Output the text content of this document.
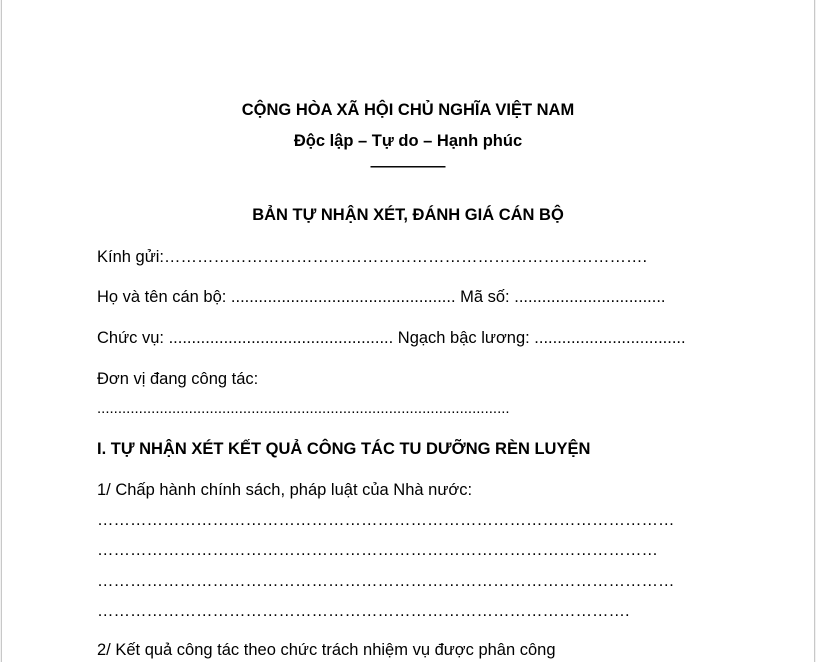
CỘNG HÒA XÃ HỘI CHỦ NGHĨA VIỆT NAM
Độc lập – Tự do – Hạnh phúc
—————
BẢN TỰ NHẬN XÉT, ĐÁNH GIÁ CÁN BỘ
Kính gửi:…………………………………………………………………………….
Họ và tên cán bộ: ................................................. Mã số: .................................
Chức vụ: ................................................. Ngạch bậc lương: .................................
Đơn vị đang công tác:
...................................................................................................
I. TỰ NHẬN XÉT KẾT QUẢ CÔNG TÁC TU DƯỠNG RÈN LUYỆN
1/ Chấp hành chính sách, pháp luật của Nhà nước:
……………………………………………………………………………………………
…………………………………………………………………………………………
……………………………………………………………………………………………
…………………………………………………………………………………….
2/ Kết quả công tác theo chức trách nhiệm vụ được phân công
